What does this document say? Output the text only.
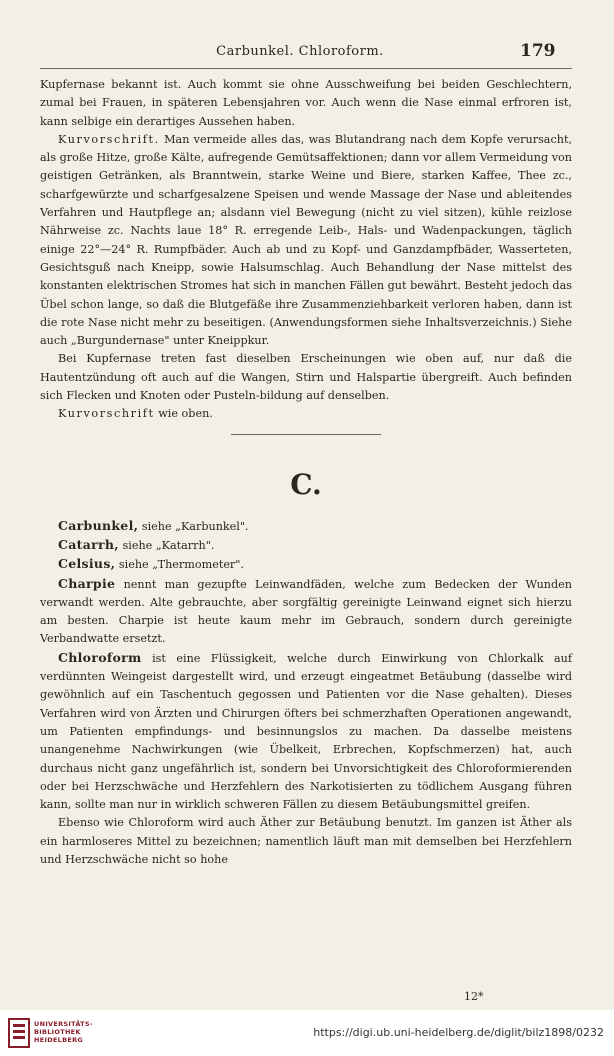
Carbunkel. Chloroform.	179

Kupfernase bekannt ist. Auch kommt sie ohne Ausschweifung bei beiden Geschlechtern, zumal bei Frauen, in späteren Lebensjahren vor. Auch wenn die Nase einmal erfroren ist, kann selbige ein derartiges Aussehen haben.

Kurvorschrift. Man vermeide alles das, was Blutandrang nach dem Kopfe verursacht, als große Hitze, große Kälte, aufregende Gemütsaffektionen; dann vor allem Vermeidung von geistigen Getränken, als Branntwein, starke Weine und Biere, starken Kaffee, Thee zc., scharfgewürzte und scharfgesalzene Speisen und wende Massage der Nase und ableitendes Verfahren und Hautpflege an; alsdann viel Bewegung (nicht zu viel sitzen), kühle reizlose Nährweise zc. Nachts laue 18° R. erregende Leib-, Hals- und Wadenpackungen, täglich einige 22°—24° R. Rumpfbäder. Auch ab und zu Kopf- und Ganzdampfbäder, Wasserteten, Gesichtsguß nach Kneipp, sowie Halsumschlag. Auch Behandlung der Nase mittelst des konstanten elektrischen Stromes hat sich in manchen Fällen gut bewährt. Besteht jedoch das Übel schon lange, so daß die Blutgefäße ihre Zusammenziehbarkeit verloren haben, dann ist die rote Nase nicht mehr zu beseitigen. (Anwendungsformen siehe Inhaltsverzeichnis.) Siehe auch „Burgundernase" unter Kneippkur.

Bei Kupfernase treten fast dieselben Erscheinungen wie oben auf, nur daß die Hautentzündung oft auch auf die Wangen, Stirn und Halspartie übergreift. Auch befinden sich Flecken und Knoten oder Pusteln-bildung auf denselben.

Kurvorschrift wie oben.

C.

Carbunkel, siehe „Karbunkel".

Catarrh, siehe „Katarrh".

Celsius, siehe „Thermometer".

Charpie nennt man gezupfte Leinwandfäden, welche zum Bedecken der Wunden verwandt werden. Alte gebrauchte, aber sorgfältig gereinigte Leinwand eignet sich hierzu am besten. Charpie ist heute kaum mehr im Gebrauch, sondern durch gereinigte Verbandwatte ersetzt.

Chloroform ist eine Flüssigkeit, welche durch Einwirkung von Chlorkalk auf verdünnten Weingeist dargestellt wird, und erzeugt eingeatmet Betäubung (dasselbe wird gewöhnlich auf ein Taschentuch gegossen und Patienten vor die Nase gehalten). Dieses Verfahren wird von Ärzten und Chirurgen öfters bei schmerzhaften Operationen angewandt, um Patienten empfindungs- und besinnungslos zu machen. Da dasselbe meistens unangenehme Nachwirkungen (wie Übelkeit, Erbrechen, Kopfschmerzen) hat, auch durchaus nicht ganz ungefährlich ist, sondern bei Unvorsichtigkeit des Chloroformierenden oder bei Herzschwäche und Herzfehlern des Narkotisierten zu tödlichem Ausgang führen kann, sollte man nur in wirklich schweren Fällen zu diesem Betäubungsmittel greifen.

Ebenso wie Chloroform wird auch Äther zur Betäubung benutzt. Im ganzen ist Äther als ein harmloseres Mittel zu bezeichnen; namentlich läuft man mit demselben bei Herzfehlern und Herzschwäche nicht so hohe

12*
UNIVERSITÄTS-
BIBLIOTHEK
HEIDELBERG
https://digi.ub.uni-heidelberg.de/diglit/bilz1898/0232
